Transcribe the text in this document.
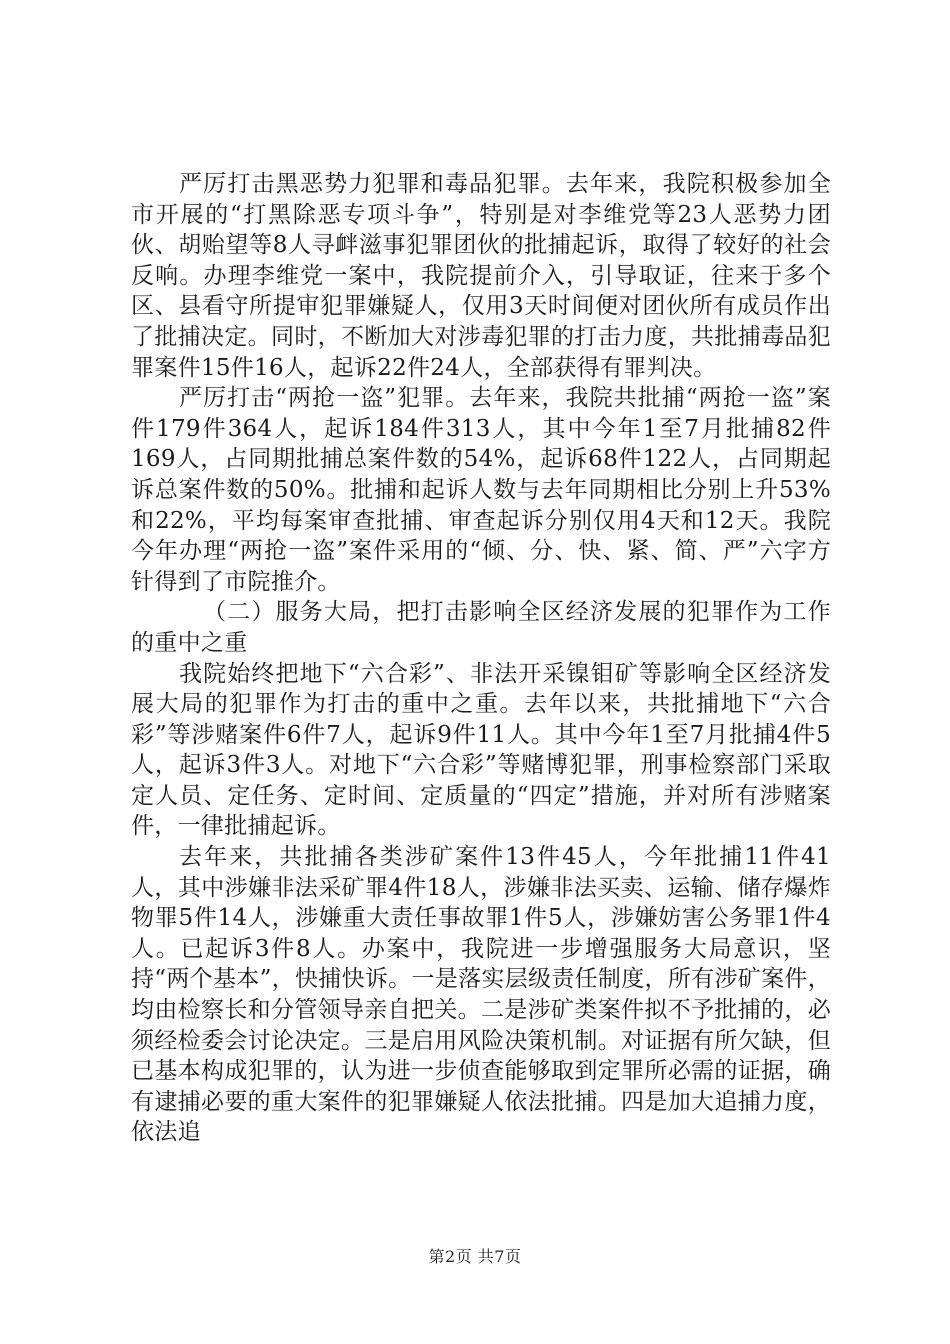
严厉打击黑恶势力犯罪和毒品犯罪。去年来，我院积极参加全市开展的“打黑除恶专项斗争”，特别是对李维党等23人恶势力团伙、胡贻望等8人寻衅滋事犯罪团伙的批捕起诉，取得了较好的社会反响。办理李维党一案中，我院提前介入，引导取证，往来于多个区、县看守所提审犯罪嫌疑人，仅用3天时间便对团伙所有成员作出了批捕决定。同时，不断加大对涉毒犯罪的打击力度，共批捕毒品犯罪案件15件16人，起诉22件24人，全部获得有罪判决。

严厉打击“两抢一盗”犯罪。去年来，我院共批捕“两抢一盗”案件179件364人，起诉184件313人，其中今年1至7月批捕82件169人，占同期批捕总案件数的54%，起诉68件122人，占同期起诉总案件数的50%。批捕和起诉人数与去年同期相比分别上升53%和22%，平均每案审查批捕、审查起诉分别仅用4天和12天。我院今年办理“两抢一盗”案件采用的“倾、分、快、紧、简、严”六字方针得到了市院推介。

（二）服务大局，把打击影响全区经济发展的犯罪作为工作的重中之重

我院始终把地下“六合彩”、非法开采镍钼矿等影响全区经济发展大局的犯罪作为打击的重中之重。去年以来，共批捕地下“六合彩”等涉赌案件6件7人，起诉9件11人。其中今年1至7月批捕4件5人，起诉3件3人。对地下“六合彩”等赌博犯罪，刑事检察部门采取定人员、定任务、定时间、定质量的“四定”措施，并对所有涉赌案件，一律批捕起诉。

去年来，共批捕各类涉矿案件13件45人，今年批捕11件41人，其中涉嫌非法采矿罪4件18人，涉嫌非法买卖、运输、储存爆炸物罪5件14人，涉嫌重大责任事故罪1件5人，涉嫌妨害公务罪1件4人。已起诉3件8人。办案中，我院进一步增强服务大局意识，坚持“两个基本”，快捕快诉。一是落实层级责任制度，所有涉矿案件，均由检察长和分管领导亲自把关。二是涉矿类案件拟不予批捕的，必须经检委会讨论决定。三是启用风险决策机制。对证据有所欠缺，但已基本构成犯罪的，认为进一步侦查能够取到定罪所必需的证据，确有逮捕必要的重大案件的犯罪嫌疑人依法批捕。四是加大追捕力度，依法追

第2页 共7页
